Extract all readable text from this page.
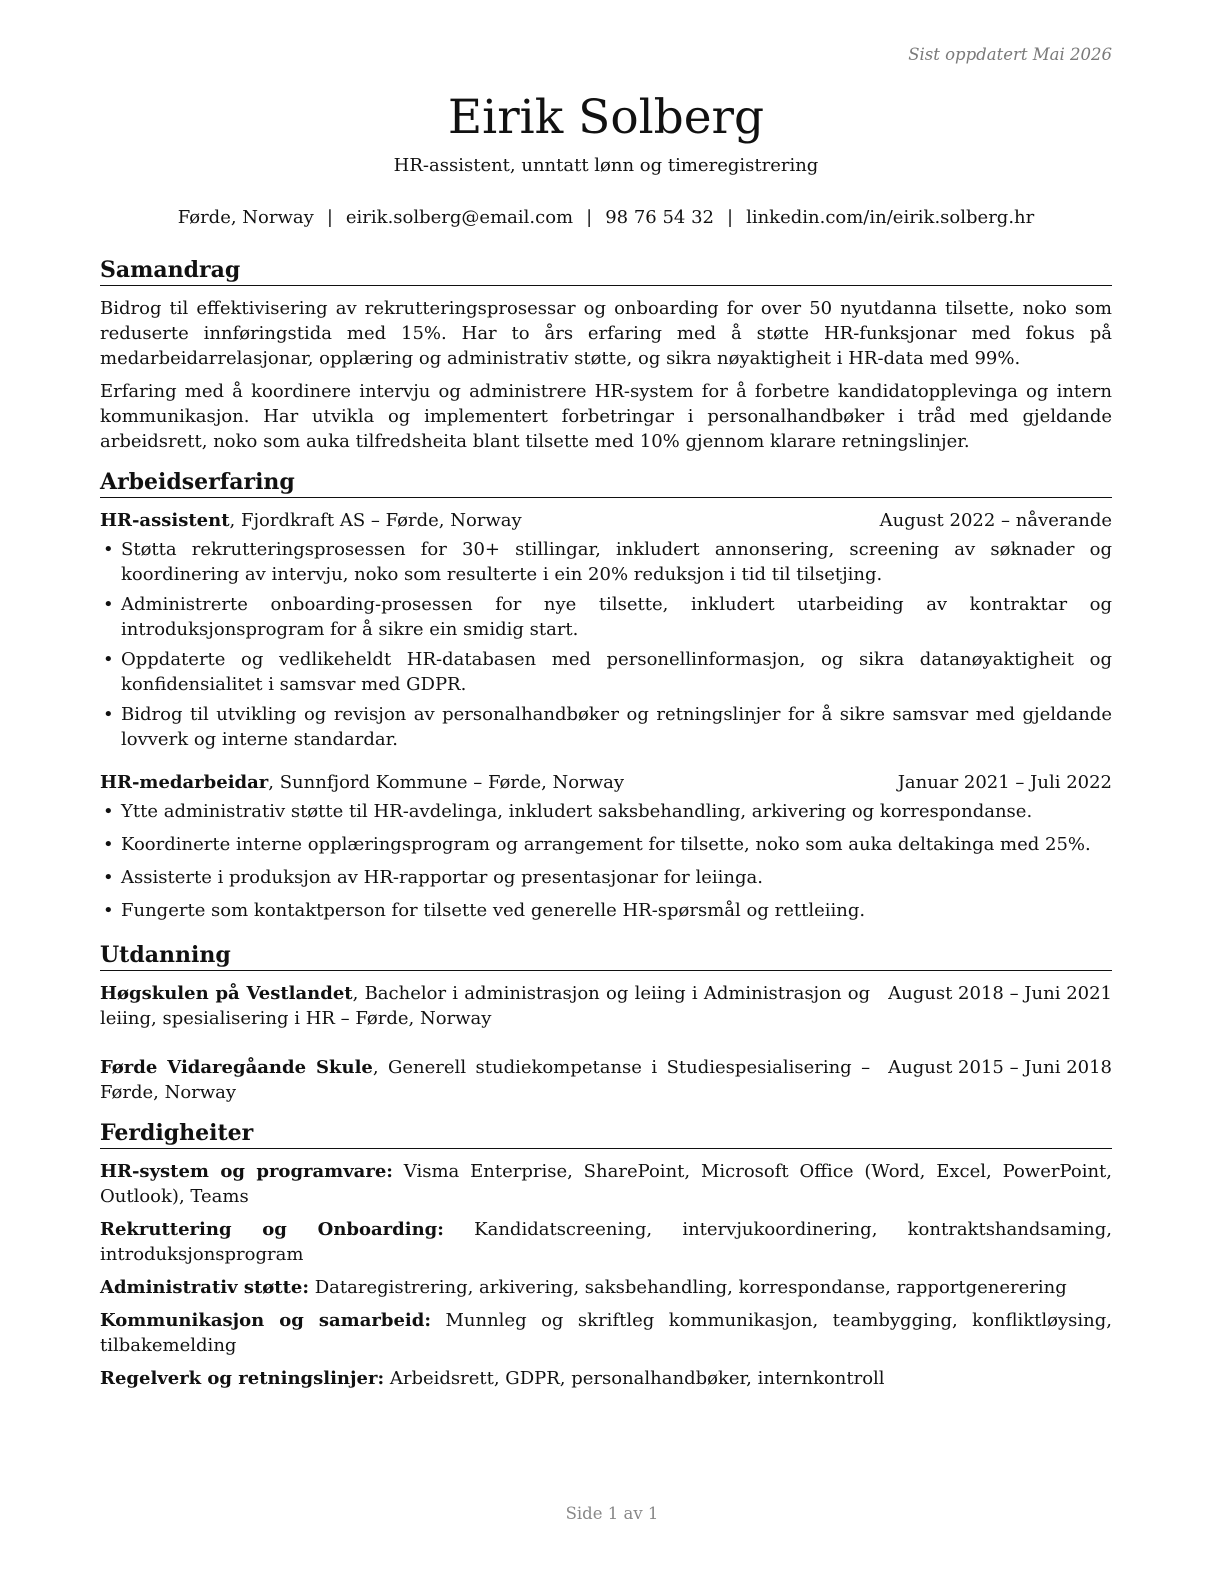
Sist oppdatert Mai 2026
Eirik Solberg
HR-assistent, unntatt lønn og timeregistrering
Førde, Norway | eirik.solberg@email.com | 98 76 54 32 | linkedin.com/in/eirik.solberg.hr
Samandrag

Bidrog til effektivisering av rekrutteringsprosessar og onboarding for over 50 nyutdanna tilsette, noko som reduserte innføringstida med 15%. Har to års erfaring med å støtte HR-funksjonar med fokus på medarbeidarrelasjonar, opplæring og administrativ støtte, og sikra nøyaktigheit i HR-data med 99%.

Erfaring med å koordinere intervju og administrere HR-system for å forbetre kandidatopplevinga og intern kommunikasjon. Har utvikla og implementert forbetringar i personalhandbøker i tråd med gjeldande arbeidsrett, noko som auka tilfredsheita blant tilsette med 10% gjennom klarare retningslinjer.

Arbeidserfaring
HR-assistent, Fjordkraft AS – Førde, Norway	August 2022 – nåverande
• Støtta rekrutteringsprosessen for 30+ stillingar, inkludert annonsering, screening av søknader og koordinering av intervju, noko som resulterte i ein 20% reduksjon i tid til tilsetjing.
• Administrerte onboarding-prosessen for nye tilsette, inkludert utarbeiding av kontraktar og introduksjonsprogram for å sikre ein smidig start.
• Oppdaterte og vedlikeheldt HR-databasen med personellinformasjon, og sikra datanøyaktigheit og konfidensialitet i samsvar med GDPR.
• Bidrog til utvikling og revisjon av personalhandbøker og retningslinjer for å sikre samsvar med gjeldande lovverk og interne standardar.
HR-medarbeidar, Sunnfjord Kommune – Førde, Norway	Januar 2021 – Juli 2022
• Ytte administrativ støtte til HR-avdelinga, inkludert saksbehandling, arkivering og korrespondanse.
• Koordinerte interne opplæringsprogram og arrangement for tilsette, noko som auka deltakinga med 25%.
• Assisterte i produksjon av HR-rapportar og presentasjonar for leiinga.
• Fungerte som kontaktperson for tilsette ved generelle HR-spørsmål og rettleiing.
Utdanning
Høgskulen på Vestlandet, Bachelor i administrasjon og leiing i Administrasjon og leiing, spesialisering i HR – Førde, Norway
August 2018 – Juni 2021
Førde Vidaregåande Skule, Generell studiekompetanse i Studiespesialisering – Førde, Norway
August 2015 – Juni 2018
Ferdigheiter
HR-system og programvare: Visma Enterprise, SharePoint, Microsoft Office (Word, Excel, PowerPoint, Outlook), Teams
Rekruttering og Onboarding: Kandidatscreening, intervjukoordinering, kontraktshandsaming, introduksjonsprogram
Administrativ støtte: Dataregistrering, arkivering, saksbehandling, korrespondanse, rapportgenerering
Kommunikasjon og samarbeid: Munnleg og skriftleg kommunikasjon, teambygging, konfliktløysing, tilbakemelding
Regelverk og retningslinjer: Arbeidsrett, GDPR, personalhandbøker, internkontroll
Side 1 av 1
